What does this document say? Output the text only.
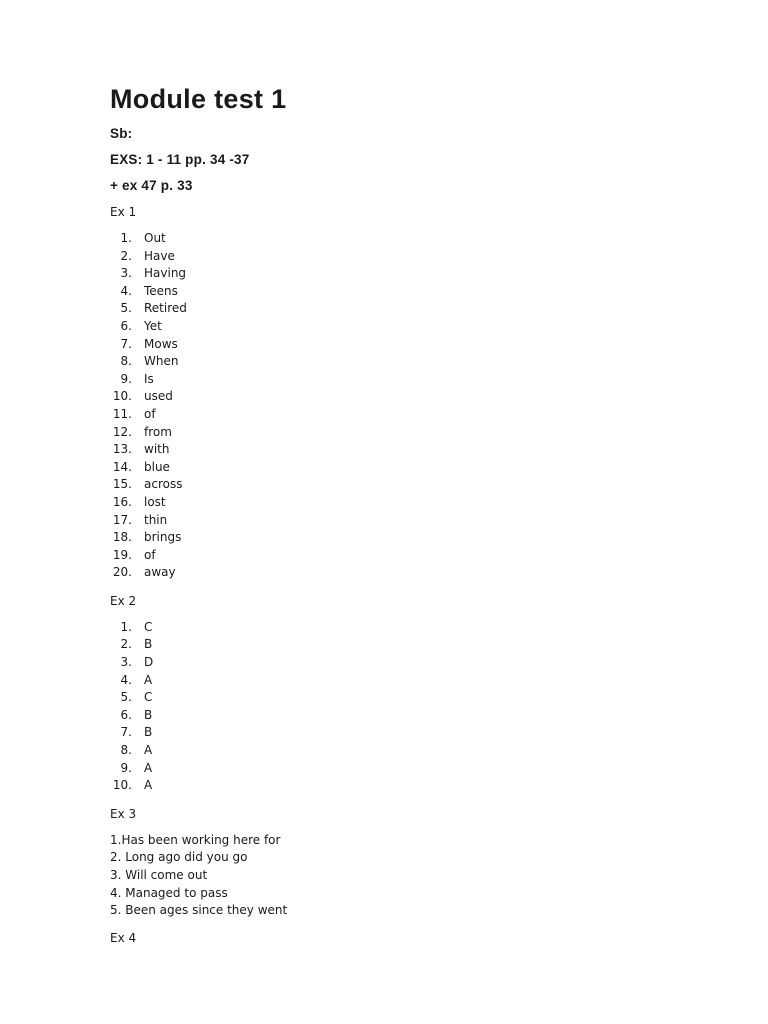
Module test 1
Sb:
EXS: 1 - 11 pp. 34 -37
+ ex 47 p. 33
Ex 1
1.	Out
2.	Have
3.	Having
4.	Teens
5.	Retired
6.	Yet
7.	Mows
8.	When
9.	Is
10.	used
11.	of
12.	from
13.	with
14.	blue
15.	across
16.	lost
17.	thin
18.	brings
19.	of
20.	away
Ex 2
1.	C
2.	B
3.	D
4.	A
5.	C
6.	B
7.	B
8.	A
9.	A
10.	A
Ex 3
1.Has been working here for
2. Long ago did you go
3. Will come out
4. Managed to pass
5. Been ages since they went
Ex 4
